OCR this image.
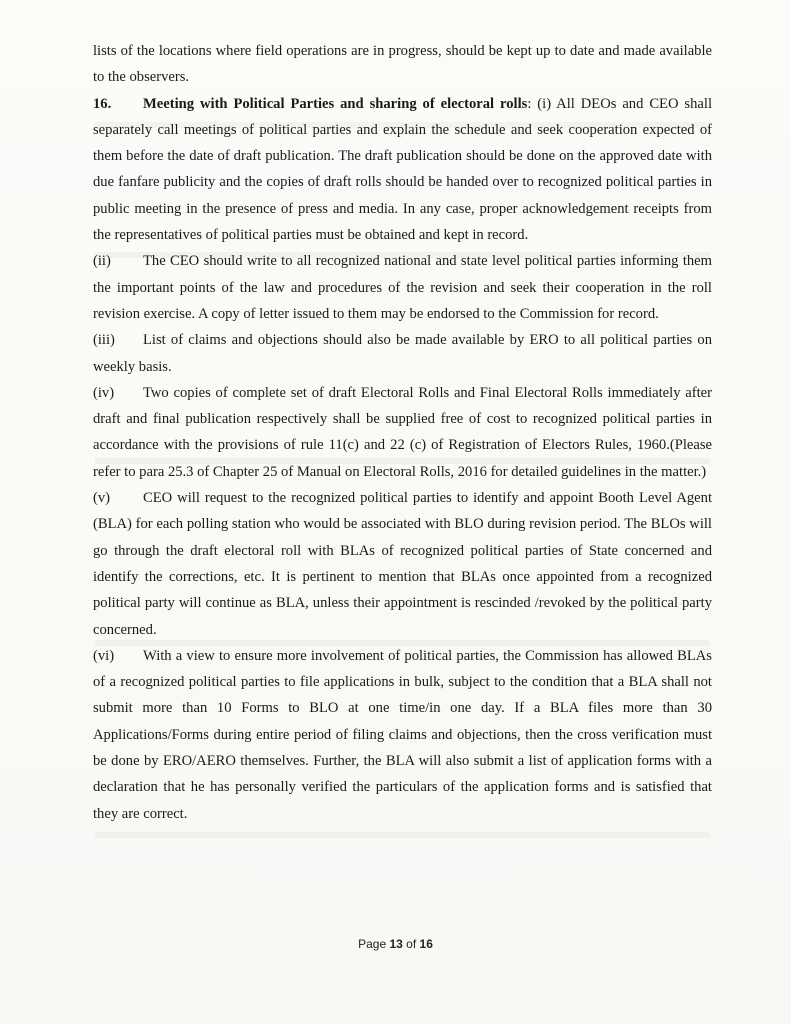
lists of the locations where field operations are in progress, should be kept up to date and made available to the observers.

16. Meeting with Political Parties and sharing of electoral rolls: (i) All DEOs and CEO shall separately call meetings of political parties and explain the schedule and seek cooperation expected of them before the date of draft publication. The draft publication should be done on the approved date with due fanfare publicity and the copies of draft rolls should be handed over to recognized political parties in public meeting in the presence of press and media. In any case, proper acknowledgement receipts from the representatives of political parties must be obtained and kept in record.

(ii) The CEO should write to all recognized national and state level political parties informing them the important points of the law and procedures of the revision and seek their cooperation in the roll revision exercise. A copy of letter issued to them may be endorsed to the Commission for record.

(iii) List of claims and objections should also be made available by ERO to all political parties on weekly basis.

(iv) Two copies of complete set of draft Electoral Rolls and Final Electoral Rolls immediately after draft and final publication respectively shall be supplied free of cost to recognized political parties in accordance with the provisions of rule 11(c) and 22 (c) of Registration of Electors Rules, 1960.(Please refer to para 25.3 of Chapter 25 of Manual on Electoral Rolls, 2016 for detailed guidelines in the matter.)

(v) CEO will request to the recognized political parties to identify and appoint Booth Level Agent (BLA) for each polling station who would be associated with BLO during revision period. The BLOs will go through the draft electoral roll with BLAs of recognized political parties of State concerned and identify the corrections, etc. It is pertinent to mention that BLAs once appointed from a recognized political party will continue as BLA, unless their appointment is rescinded /revoked by the political party concerned.

(vi) With a view to ensure more involvement of political parties, the Commission has allowed BLAs of a recognized political parties to file applications in bulk, subject to the condition that a BLA shall not submit more than 10 Forms to BLO at one time/in one day. If a BLA files more than 30 Applications/Forms during entire period of filing claims and objections, then the cross verification must be done by ERO/AERO themselves. Further, the BLA will also submit a list of application forms with a declaration that he has personally verified the particulars of the application forms and is satisfied that they are correct.

Page 13 of 16
